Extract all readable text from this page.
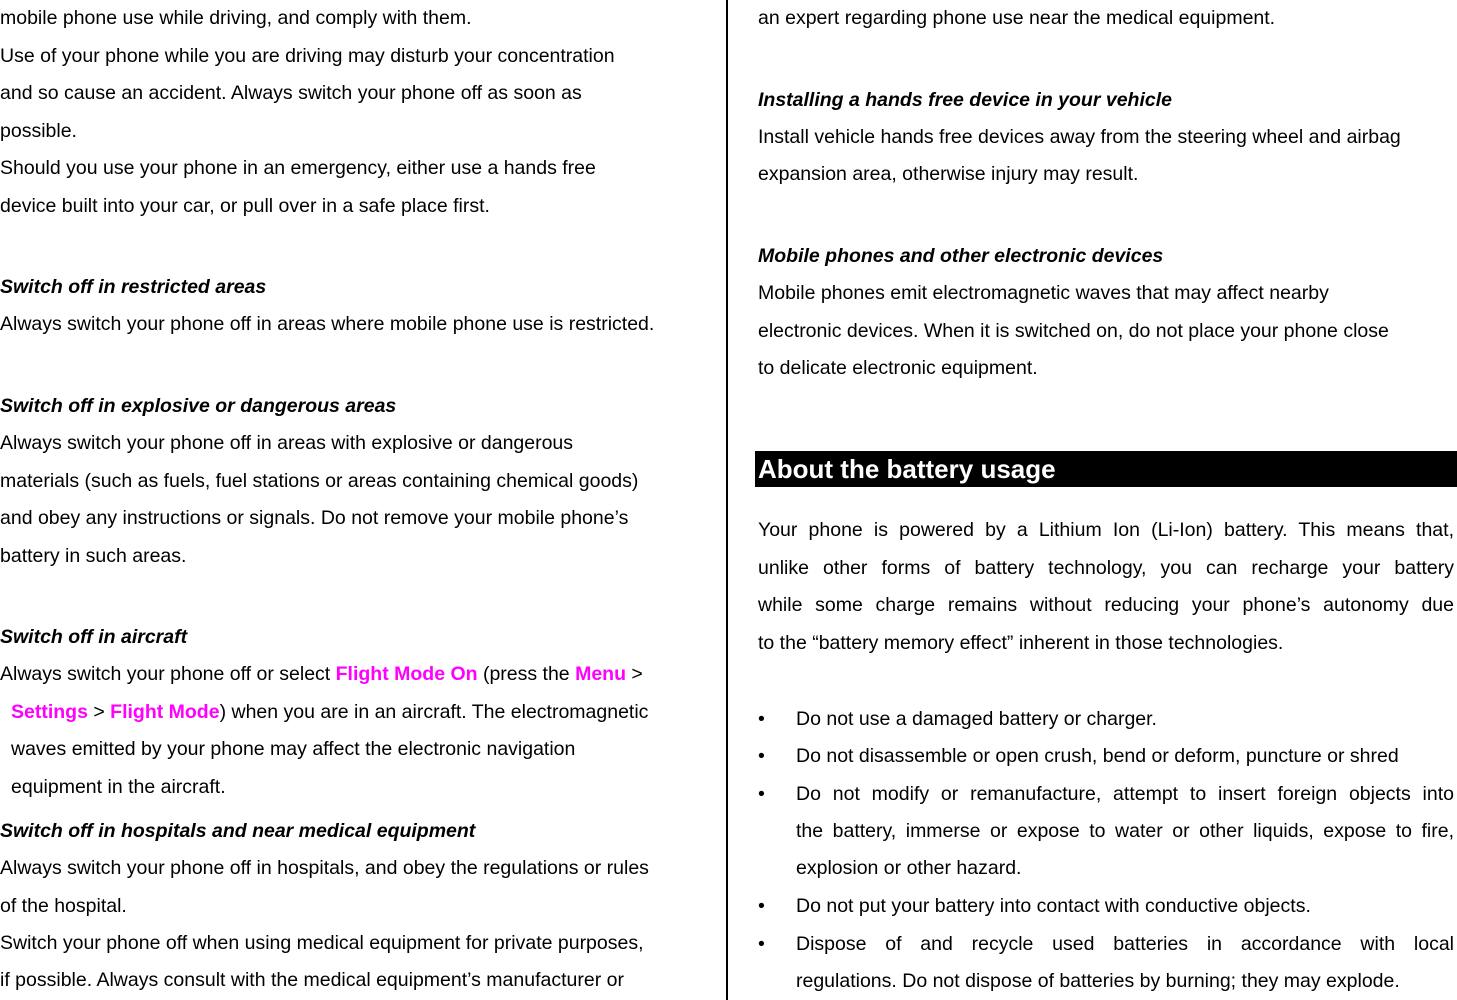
mobile phone use while driving, and comply with them.
Use of your phone while you are driving may disturb your concentration
and so cause an accident. Always switch your phone off as soon as
possible.
Should you use your phone in an emergency, either use a hands free
device built into your car, or pull over in a safe place first.
Switch off in restricted areas
Always switch your phone off in areas where mobile phone use is restricted.
Switch off in explosive or dangerous areas
Always switch your phone off in areas with explosive or dangerous
materials (such as fuels, fuel stations or areas containing chemical goods)
and obey any instructions or signals. Do not remove your mobile phone’s
battery in such areas.
Switch off in aircraft
Always switch your phone off or select Flight Mode On (press the Menu >
Settings > Flight Mode) when you are in an aircraft. The electromagnetic
waves emitted by your phone may affect the electronic navigation
equipment in the aircraft.
Switch off in hospitals and near medical equipment
Always switch your phone off in hospitals, and obey the regulations or rules
of the hospital.
Switch your phone off when using medical equipment for private purposes,
if possible. Always consult with the medical equipment’s manufacturer or
an expert regarding phone use near the medical equipment.
Installing a hands free device in your vehicle
Install vehicle hands free devices away from the steering wheel and airbag
expansion area, otherwise injury may result.
Mobile phones and other electronic devices
Mobile phones emit electromagnetic waves that may affect nearby
electronic devices. When it is switched on, do not place your phone close
to delicate electronic equipment.
Your phone is powered by a Lithium Ion (Li-Ion) battery. This means that,
unlike other forms of battery technology, you can recharge your battery
while some charge remains without reducing your phone’s autonomy due
to the “battery memory effect” inherent in those technologies.
• Do not use a damaged battery or charger.
• Do not disassemble or open crush, bend or deform, puncture or shred
• Do not modify or remanufacture, attempt to insert foreign objects into
the battery, immerse or expose to water or other liquids, expose to fire,
explosion or other hazard.
• Do not put your battery into contact with conductive objects.
• Dispose of and recycle used batteries in accordance with local
regulations. Do not dispose of batteries by burning; they may explode.
About the battery usage
